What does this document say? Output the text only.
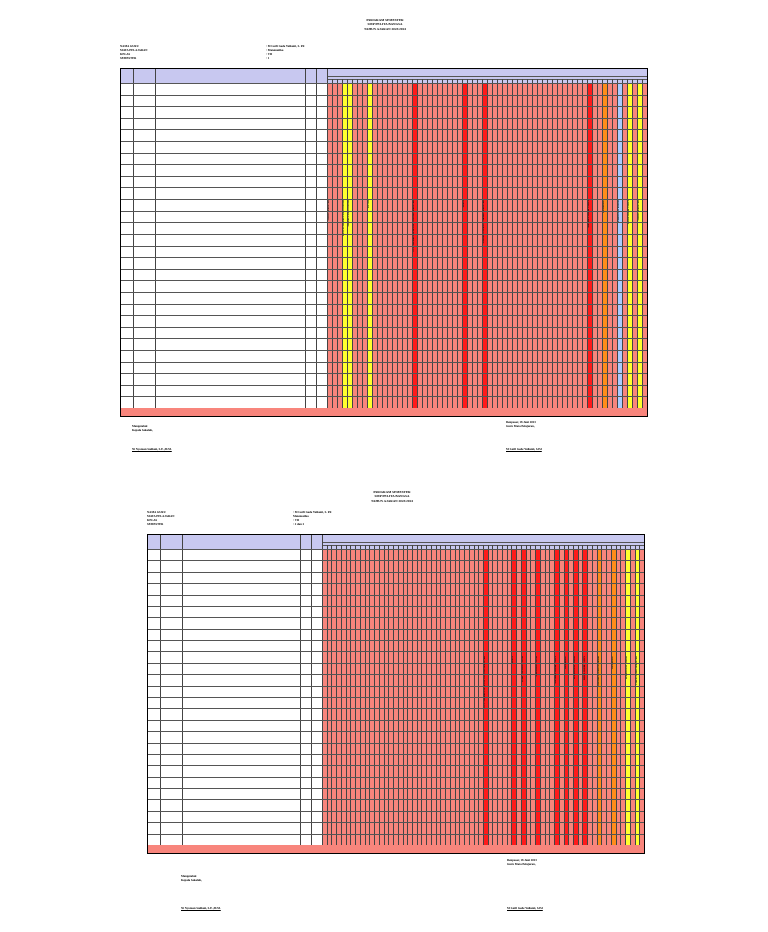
PROGRAM SEMESTER
SMP PELITA BANGSA
TAHUN AJARAN 2023/2024
NAMA GURU	: M Lutfi Gede Yulianti, S. Pd
MATA PELAJARAN	: Matematika
KELAS	: VII
SEMESTER	: 1
MPLS & ASESMEN DIAGNOSTIK ASESMEN DIAGNOSTIK	HUT RI	PTS / ASESMEN SUMATIF TENGAH SEMESTER	SIAGA	ASESMEN SUMATIF AKHIR SEMESTER
LIBUR SEMESTER	ASESMEN AKHIR TAHUN	REMEDIAL	PEMBAGIAN RAPOR	LIBUR AKHIR TAHUN	LIBUR SEMESTER
Denpasar, 18 Juni 2023
Guru Mata Pelajaran,
Mengetahui
Kepala Sekolah,
Ni Nyoman Sudiani, S.E.,M.M.	M Lutfi Gede Yulianti, S.Pd
PROGRAM SEMESTER
SMP PELITA BANGSA
TAHUN AJARAN 2023/2024
NAMA GURU	: M Lutfi Gede Yulianti, S. Pd
MATA PELAJARAN	Matematika
KELAS	: VII
SEMESTER	: 2 dan 2
PTS / ASESMEN SUMATIF TENGAH SEMESTER	SIAGA	HARI RAYA IDUL FITRI	LIBUR IDUL FITRI	ASESMEN AKHIR TAHUN	REMEDIAL	PEMBAGIAN RAPOR	LIBUR AKHIR TAHUN	ASESMEN SUMATIF AKHIR	REMEDIAL	PEMBAGIAN RAPOR	LIBUR AKHIR SEMESTER
Denpasar, 18 Juni 2023
Guru Mata Pelajaran,
Mengetahui
Kepala Sekolah,
Ni Nyoman Sudiani, S.E.,M.M.	M Lutfi Gede Yulianti, S.Pd
